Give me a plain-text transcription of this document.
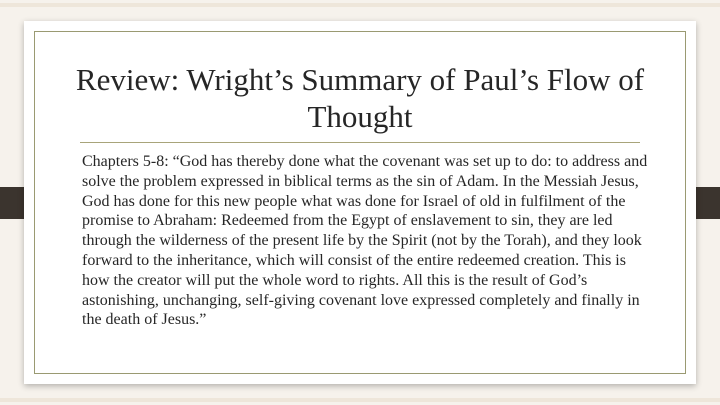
Review: Wright’s Summary of Paul’s Flow of Thought

Chapters 5-8: “God has thereby done what the covenant was set up to do: to address and solve the problem expressed in biblical terms as the sin of Adam. In the Messiah Jesus, God has done for this new people what was done for Israel of old in fulfilment of the promise to Abraham: Redeemed from the Egypt of enslavement to sin, they are led through the wilderness of the present life by the Spirit (not by the Torah), and they look forward to the inheritance, which will consist of the entire redeemed creation. This is how the creator will put the whole word to rights. All this is the result of God’s astonishing, unchanging, self-giving covenant love expressed completely and finally in the death of Jesus.”
